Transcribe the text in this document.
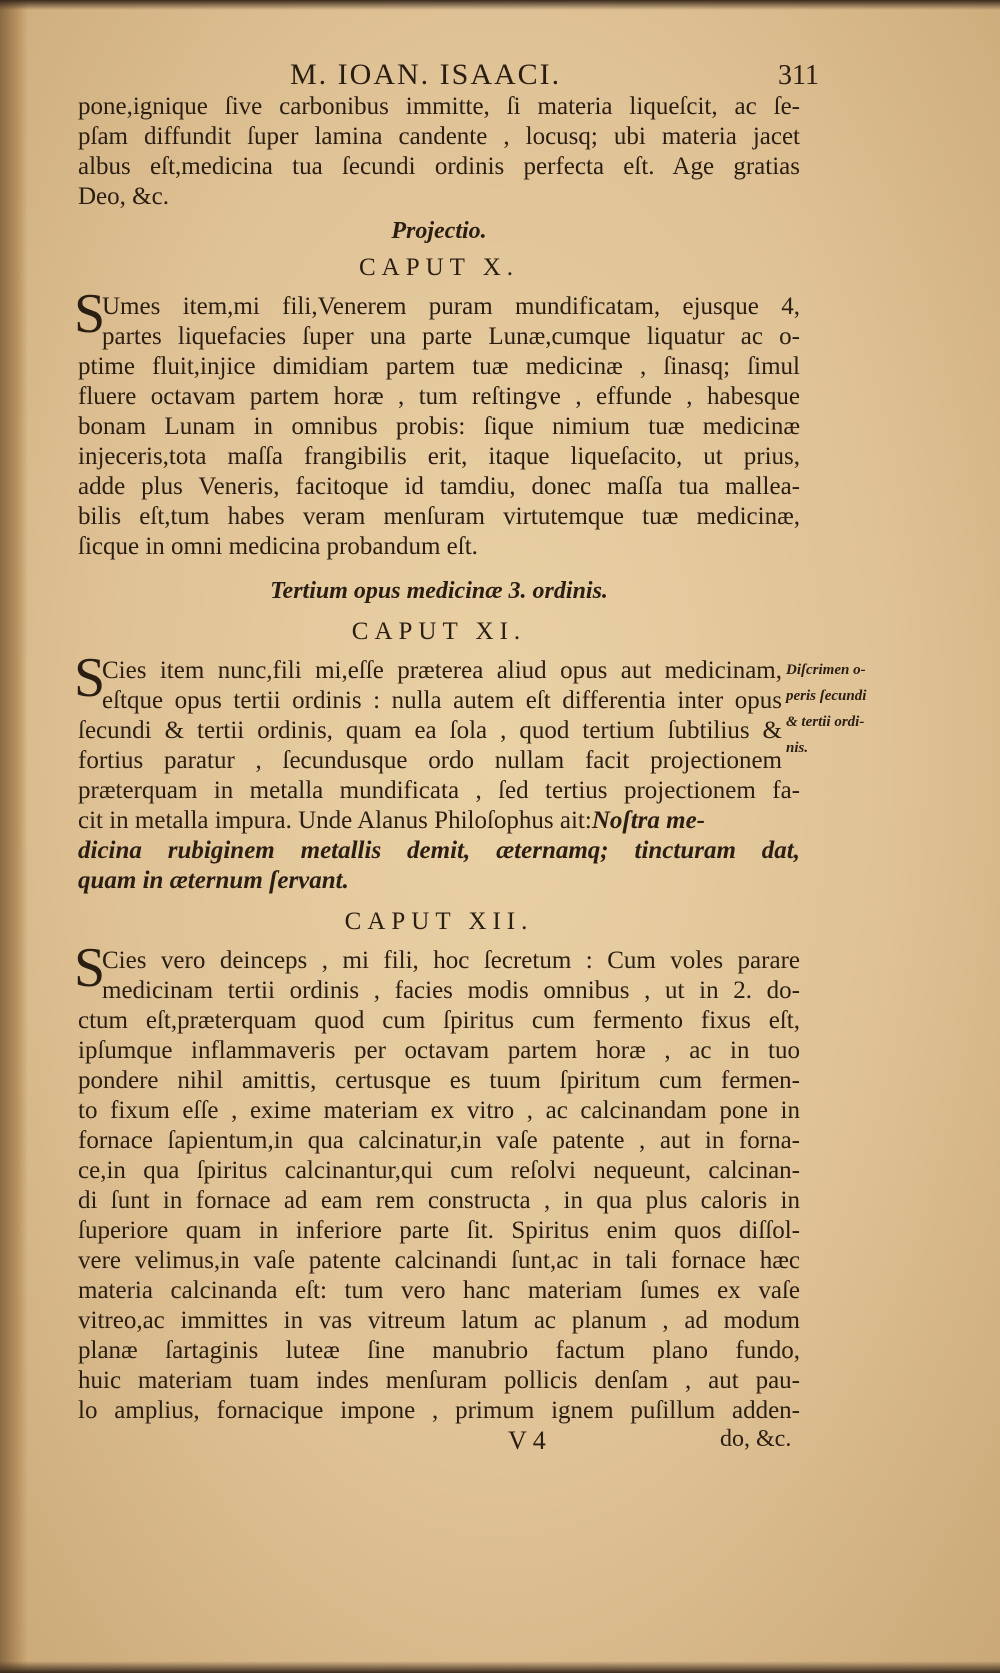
M. IOAN. ISAACI.	311
pone,ignique ſive carbonibus immitte, ſi materia liqueſcit, ac ſe-
pſam diffundit ſuper lamina candente , locusq; ubi materia jacet
albus eſt,medicina tua ſecundi ordinis perfecta eſt. Age gratias
Deo, &c.
Projectio.
CAPUT X.
S
Umes item,mi fili,Venerem puram mundificatam, ejusque 4,
partes liquefacies ſuper una parte Lunæ,cumque liquatur ac o-
ptime fluit,injice dimidiam partem tuæ medicinæ , ſinasq; ſimul
fluere octavam partem horæ , tum reſtingve , effunde , habesque
bonam Lunam in omnibus probis: ſique nimium tuæ medicinæ
injeceris,tota maſſa frangibilis erit, itaque liqueſacito, ut prius,
adde plus Veneris, facitoque id tamdiu, donec maſſa tua mallea-
bilis eſt,tum habes veram menſuram virtutemque tuæ medicinæ,
ſicque in omni medicina probandum eſt.
Tertium opus medicinæ 3. ordinis.
CAPUT XI.
S
Cies item nunc,fili mi,eſſe præterea aliud opus aut medicinam,
eſtque opus tertii ordinis : nulla autem eſt differentia inter opus
ſecundi & tertii ordinis, quam ea ſola , quod tertium ſubtilius &
fortius paratur , ſecundusque ordo nullam facit projectionem
præterquam in metalla mundificata , ſed tertius projectionem fa-
cit in metalla impura. Unde Alanus Philoſophus ait:Noſtra me-
dicina rubiginem metallis demit, æternamq; tincturam dat,
quam in æternum ſervant.
Diſcrimen o-
peris ſecundi
& tertii ordi-
nis.
CAPUT XII.
S
Cies vero deinceps , mi fili, hoc ſecretum : Cum voles parare
medicinam tertii ordinis , facies modis omnibus , ut in 2. do-
ctum eſt,præterquam quod cum ſpiritus cum fermento fixus eſt,
ipſumque inflammaveris per octavam partem horæ , ac in tuo
pondere nihil amittis, certusque es tuum ſpiritum cum fermen-
to fixum eſſe , exime materiam ex vitro , ac calcinandam pone in
fornace ſapientum,in qua calcinatur,in vaſe patente , aut in forna-
ce,in qua ſpiritus calcinantur,qui cum reſolvi nequeunt, calcinan-
di ſunt in fornace ad eam rem constructa , in qua plus caloris in
ſuperiore quam in inferiore parte ſit. Spiritus enim quos diſſol-
vere velimus,in vaſe patente calcinandi ſunt,ac in tali fornace hæc
materia calcinanda eſt: tum vero hanc materiam ſumes ex vaſe
vitreo,ac immittes in vas vitreum latum ac planum , ad modum
planæ ſartaginis luteæ ſine manubrio factum plano fundo,
huic materiam tuam indes menſuram pollicis denſam , aut pau-
lo amplius, fornacique impone , primum ignem puſillum adden-
V 4	do, &c.
